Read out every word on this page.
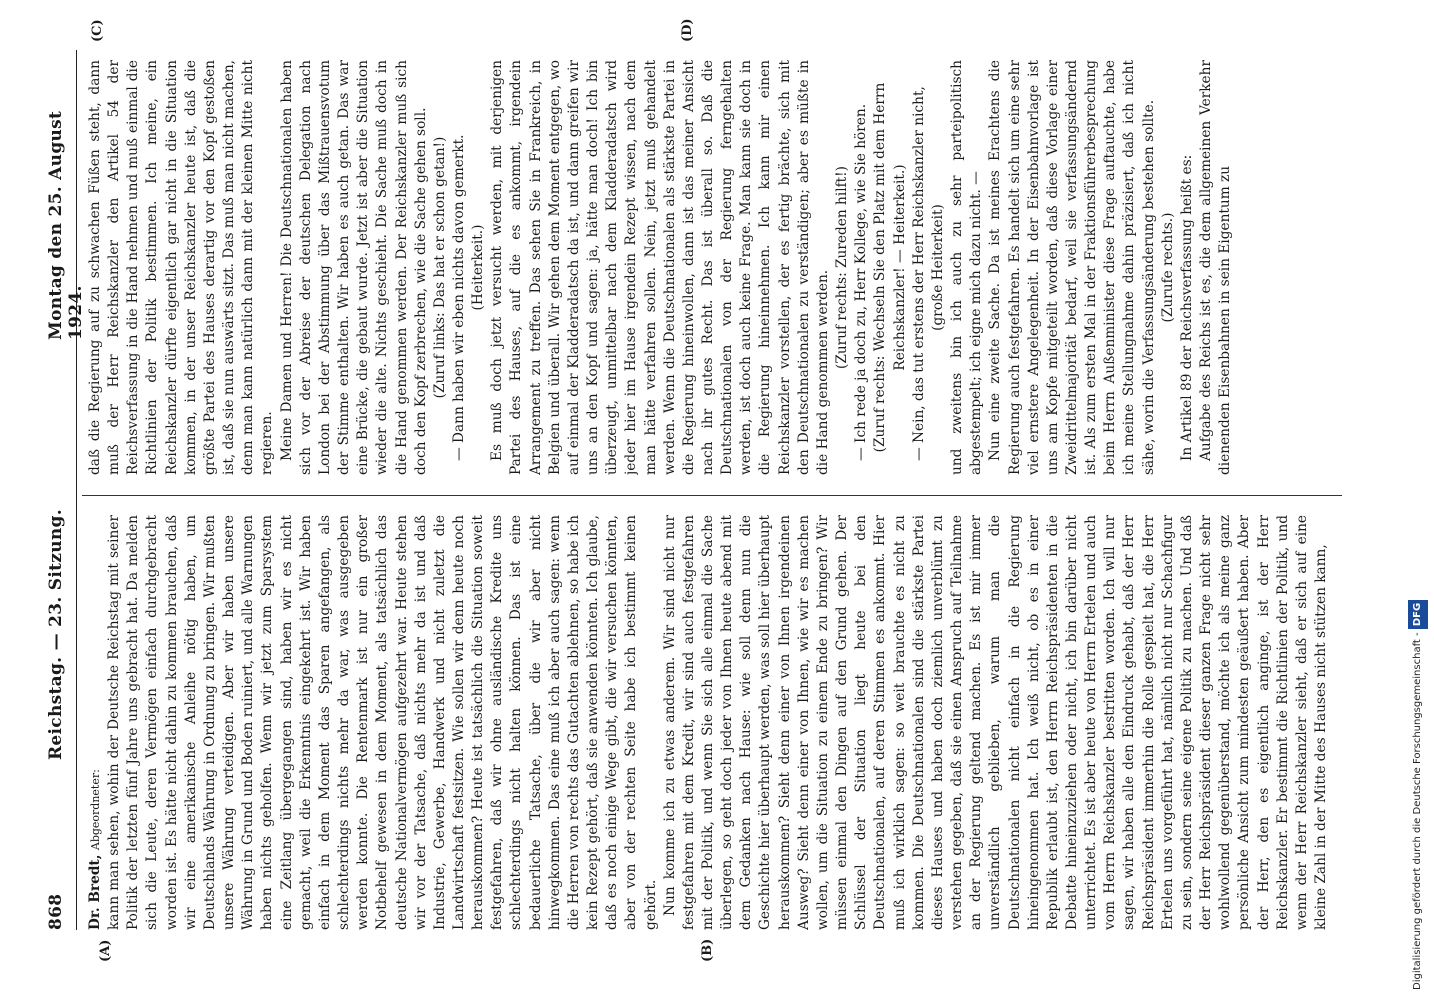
868
Reichstag. — 23. Sitzung.
Montag den 25. August 1924.
(A)	(B)
(C)	(D)

Dr. Bredt, Abgeordneter: kann man sehen, wohin der Deutsche Reichstag mit seiner Politik der letzten fünf Jahre uns gebracht hat. Da melden sich die Leute, deren Vermögen einfach durchgebracht worden ist. Es hätte nicht dahin zu kommen brauchen, daß wir eine amerikanische Anleihe nötig haben, um Deutschlands Währung in Ordnung zu bringen. Wir mußten unsere Währung verteidigen. Aber wir haben unsere Währung in Grund und Boden ruiniert, und alle Warnungen haben nichts geholfen. Wenn wir jetzt zum Sparsystem eine Zeitlang übergegangen sind, haben wir es nicht gemacht, weil die Erkenntnis eingekehrt ist. Wir haben einfach in dem Moment das Sparen angefangen, als schlechterdings nichts mehr da war, was ausgegeben werden konnte. Die Rentenmark ist nur ein großer Notbehelf gewesen in dem Moment, als tatsächlich das deutsche Nationalvermögen aufgezehrt war. Heute stehen wir vor der Tatsache, daß nichts mehr da ist und daß Industrie, Gewerbe, Handwerk und nicht zuletzt die Landwirtschaft festsitzen. Wie sollen wir denn heute noch herauskommen? Heute ist tatsächlich die Situation soweit festgefahren, daß wir ohne ausländische Kredite uns schlechterdings nicht halten können. Das ist eine bedauerliche Tatsache, über die wir aber nicht hinwegkommen. Das eine muß ich aber auch sagen: wenn die Herren von rechts das Gutachten ablehnen, so habe ich kein Rezept gehört, daß sie anwenden könnten. Ich glaube, daß es noch einige Wege gibt, die wir versuchen könnten, aber von der rechten Seite habe ich bestimmt keinen gehört. Nun komme ich zu etwas anderem. Wir sind nicht nur festgefahren mit dem Kredit, wir sind auch festgefahren mit der Politik, und wenn Sie sich alle einmal die Sache überlegen, so geht doch jeder von Ihnen heute abend mit dem Gedanken nach Hause: wie soll denn nun die Geschichte hier überhaupt werden, was soll hier überhaupt herauskommen? Sieht denn einer von Ihnen irgendeinen Ausweg? Sieht denn einer von Ihnen, wie wir es machen wollen, um die Situation zu einem Ende zu bringen? Wir müssen einmal den Dingen auf den Grund gehen. Der Schlüssel der Situation liegt heute bei den Deutschnationalen, auf deren Stimmen es ankommt. Hier muß ich wirklich sagen: so weit brauchte es nicht zu kommen. Die Deutschnationalen sind die stärkste Partei dieses Hauses und haben doch ziemlich unverblümt zu verstehen gegeben, daß sie einen Anspruch auf Teilnahme an der Regierung geltend machen. Es ist mir immer unverständlich geblieben, warum man die Deutschnationalen nicht einfach in die Regierung hineingenommen hat. Ich weiß nicht, ob es in einer Republik erlaubt ist, den Herrn Reichspräsidenten in die Debatte hineinzuziehen oder nicht, ich bin darüber nicht unterrichtet. Es ist aber heute von Herrn Ertelen und auch vom Herrn Reichskanzler bestritten worden. Ich will nur sagen, wir haben alle den Eindruck gehabt, daß der Herr Reichspräsident immerhin die Rolle gespielt hat, die Herr Ertelen uns vorgeführt hat, nämlich nicht nur Schachfigur zu sein, sondern seine eigene Politik zu machen. Und daß der Herr Reichspräsident dieser ganzen Frage nicht sehr wohlwollend gegenüberstand, möchte ich als meine ganz persönliche Ansicht zum mindesten geäußert haben. Aber der Herr, den es eigentlich anginge, ist der Herr Reichskanzler. Er bestimmt die Richtlinien der Politik, und wenn der Herr Reichskanzler sieht, daß er sich auf eine kleine Zahl in der Mitte des Hauses nicht stützen kann,

daß die Regierung auf zu schwachen Füßen steht, dann muß der Herr Reichskanzler den Artikel 54 der Reichsverfassung in die Hand nehmen und muß einmal die Richtlinien der Politik bestimmen. Ich meine, ein Reichskanzler dürfte eigentlich gar nicht in die Situation kommen, in der unser Reichskanzler heute ist, daß die größte Partei des Hauses derartig vor den Kopf gestoßen ist, daß sie nun auswärts sitzt. Das muß man nicht machen, denn man kann natürlich dann mit der kleinen Mitte nicht regieren. Meine Damen und Herren! Die Deutschnationalen haben sich vor der Abreise der deutschen Delegation nach London bei der Abstimmung über das Mißtrauensvotum der Stimme enthalten. Wir haben es auch getan. Das war eine Brücke, die gebaut wurde. Jetzt ist aber die Situation wieder die alte. Nichts geschieht. Die Sache muß doch in die Hand genommen werden. Der Reichskanzler muß sich doch den Kopf zerbrechen, wie die Sache gehen soll. (Zuruf links: Das hat er schon getan!) — Dann haben wir eben nichts davon gemerkt. (Heiterkeit.) Es muß doch jetzt versucht werden, mit derjenigen Partei des Hauses, auf die es ankommt, irgendein Arrangement zu treffen. Das sehen Sie in Frankreich, in Belgien und überall. Wir gehen dem Moment entgegen, wo auf einmal der Kladderadatsch da ist, und dann greifen wir uns an den Kopf und sagen: ja, hätte man doch! Ich bin überzeugt, unmittelbar nach dem Kladderadatsch wird jeder hier im Hause irgendein Rezept wissen, nach dem man hätte verfahren sollen. Nein, jetzt muß gehandelt werden. Wenn die Deutschnationalen als stärkste Partei in die Regierung hineinwollen, dann ist das meiner Ansicht nach ihr gutes Recht. Das ist überall so. Daß die Deutschnationalen von der Regierung ferngehalten werden, ist doch auch keine Frage. Man kann sie doch in die Regierung hineinnehmen. Ich kann mir einen Reichskanzler vorstellen, der es fertig brächte, sich mit den Deutschnationalen zu verständigen; aber es müßte in die Hand genommen werden.

(Zuruf rechts: Zureden hilft!) — Ich rede ja doch zu, Herr Kollege, wie Sie hören. (Zuruf rechts: Wechseln Sie den Platz mit dem Herrn Reichskanzler! — Heiterkeit.) — Nein, das tut erstens der Herr Reichskanzler nicht, (große Heiterkeit) und zweitens bin ich auch zu sehr parteipolitisch abgestempelt; ich eigne mich dazu nicht. — Nun eine zweite Sache. Da ist meines Erachtens die Regierung auch festgefahren. Es handelt sich um eine sehr viel ernstere Angelegenheit. In der Eisenbahnvorlage ist uns am Kopfe mitgeteilt worden, daß diese Vorlage einer Zweidrittelmajorität bedarf, weil sie verfassungsändernd ist. Als zum ersten Mal in der Fraktionsführerbesprechung beim Herrn Außenminister diese Frage auftauchte, habe ich meine Stellungnahme dahin präzisiert, daß ich nicht sähe, worin die Verfassungsänderung bestehen sollte. (Zurufe rechts.) In Artikel 89 der Reichsverfassung heißt es: Aufgabe des Reichs ist es, die dem allgemeinen Verkehr dienenden Eisenbahnen in sein Eigentum zu

Digitalisierung gefördert durch die Deutsche Forschungsgemeinschaft - DFG
